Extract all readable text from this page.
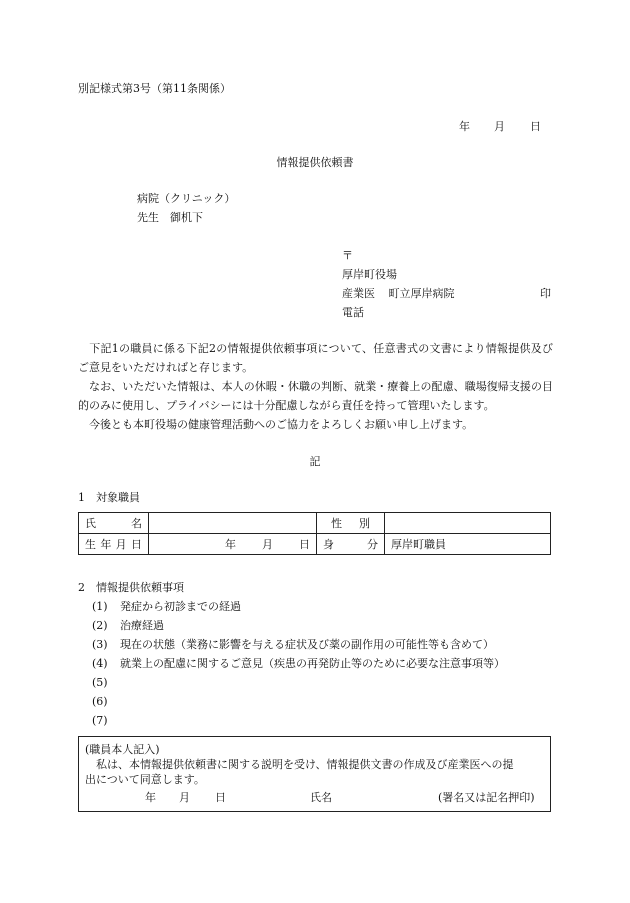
別記様式第3号（第11条関係）
年 月 日
情報提供依頼書
病院（クリニック）
先生　御机下
〒
厚岸町役場
産業医 町立厚岸病院	印
電話
　下記1の職員に係る下記2の情報提供依頼事項について、任意書式の文書により情報提供及びご意見をいただければと存じます。
　なお、いただいた情報は、本人の休暇・休職の判断、就業・療養上の配慮、職場復帰支援の目的のみに使用し、プライバシーには十分配慮しながら責任を持って管理いたします。
　今後とも本町役場の健康管理活動へのご協力をよろしくお願い申し上げます。
記
1　対象職員
氏 名		性 別	

生 年 月 日	年 月 日	身 分	厚岸町職員
2　情報提供依頼事項
(1) 発症から初診までの経過
(2) 治療経過
(3) 現在の状態（業務に影響を与える症状及び薬の副作用の可能性等も含めて）
(4) 就業上の配慮に関するご意見（疾患の再発防止等のために必要な注意事項等）
(5)
(6)
(7)
(職員本人記入)
　私は、本情報提供依頼書に関する説明を受け、情報提供文書の作成及び産業医への提
出について同意します。
年 月 日	氏名	(署名又は記名押印)
